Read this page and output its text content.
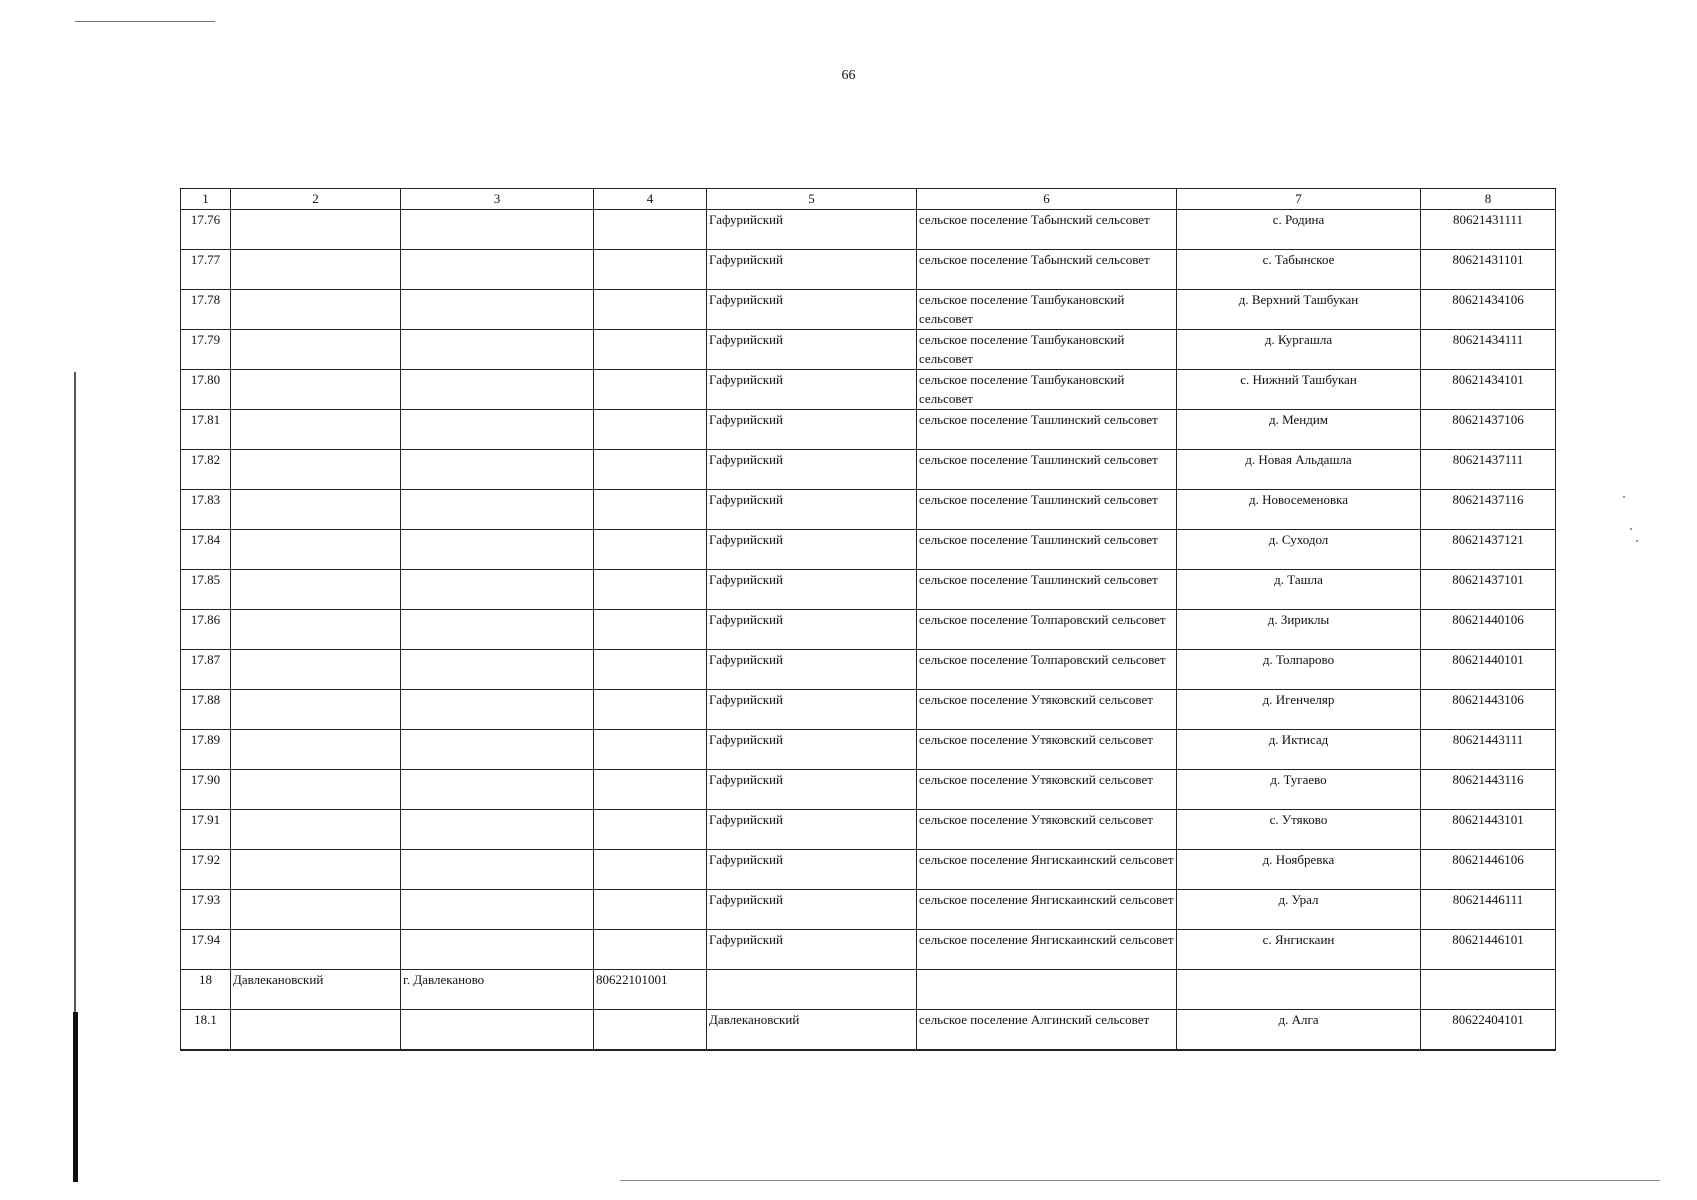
66
1	2	3	4	5	6	7	8
17.76				Гафурийский	сельское поселение Табынский сельсовет	с. Родина	80621431111
17.77				Гафурийский	сельское поселение Табынский сельсовет	с. Табынское	80621431101
17.78				Гафурийский	сельское поселение Ташбукановский сельсовет	д. Верхний Ташбукан	80621434106
17.79				Гафурийский	сельское поселение Ташбукановский сельсовет	д. Кургашла	80621434111
17.80				Гафурийский	сельское поселение Ташбукановский сельсовет	с. Нижний Ташбукан	80621434101
17.81				Гафурийский	сельское поселение Ташлинский сельсовет	д. Мендим	80621437106
17.82				Гафурийский	сельское поселение Ташлинский сельсовет	д. Новая Альдашла	80621437111
17.83				Гафурийский	сельское поселение Ташлинский сельсовет	д. Новосеменовка	80621437116
17.84				Гафурийский	сельское поселение Ташлинский сельсовет	д. Суходол	80621437121
17.85				Гафурийский	сельское поселение Ташлинский сельсовет	д. Ташла	80621437101
17.86				Гафурийский	сельское поселение Толпаровский сельсовет	д. Зириклы	80621440106
17.87				Гафурийский	сельское поселение Толпаровский сельсовет	д. Толпарово	80621440101
17.88				Гафурийский	сельское поселение Утяковский сельсовет	д. Игенчеляр	80621443106
17.89				Гафурийский	сельское поселение Утяковский сельсовет	д. Иктисад	80621443111
17.90				Гафурийский	сельское поселение Утяковский сельсовет	д. Тугаево	80621443116
17.91				Гафурийский	сельское поселение Утяковский сельсовет	с. Утяково	80621443101
17.92				Гафурийский	сельское поселение Янгискаинский сельсовет	д. Ноябревка	80621446106
17.93				Гафурийский	сельское поселение Янгискаинский сельсовет	д. Урал	80621446111
17.94				Гафурийский	сельское поселение Янгискаинский сельсовет	с. Янгискаин	80621446101
18	Давлекановский	г. Давлеканово	80622101001				
18.1				Давлекановский	сельское поселение Алгинский сельсовет	д. Алга	80622404101
